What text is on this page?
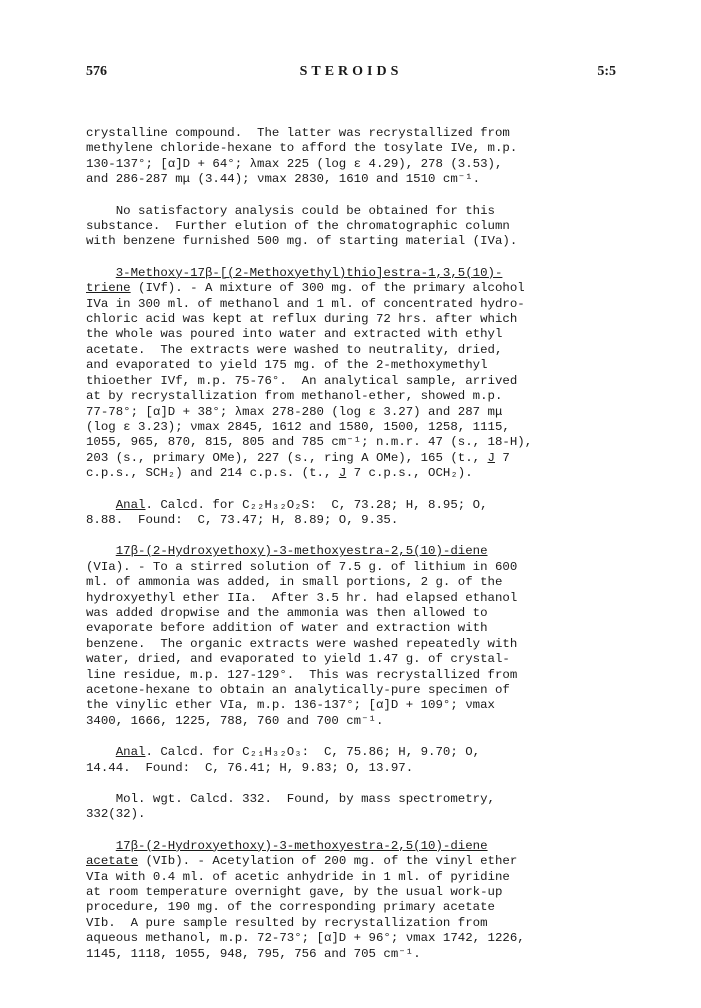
576	STEROIDS	5:5
crystalline compound.  The latter was recrystallized from
methylene chloride-hexane to afford the tosylate IVe, m.p.
130-137°; [α]D + 64°; λmax 225 (log ε 4.29), 278 (3.53),
and 286-287 mμ (3.44); νmax 2830, 1610 and 1510 cm⁻¹.
No satisfactory analysis could be obtained for this
substance.  Further elution of the chromatographic column
with benzene furnished 500 mg. of starting material (IVa).
3-Methoxy-17β-[(2-Methoxyethyl)thio]estra-1,3,5(10)-
triene (IVf). - A mixture of 300 mg. of the primary alcohol
IVa in 300 ml. of methanol and 1 ml. of concentrated hydro-
chloric acid was kept at reflux during 72 hrs. after which
the whole was poured into water and extracted with ethyl
acetate.  The extracts were washed to neutrality, dried,
and evaporated to yield 175 mg. of the 2-methoxymethyl
thioether IVf, m.p. 75-76°.  An analytical sample, arrived
at by recrystallization from methanol-ether, showed m.p.
77-78°; [α]D + 38°; λmax 278-280 (log ε 3.27) and 287 mμ
(log ε 3.23); νmax 2845, 1612 and 1580, 1500, 1258, 1115,
1055, 965, 870, 815, 805 and 785 cm⁻¹; n.m.r. 47 (s., 18-H),
203 (s., primary OMe), 227 (s., ring A OMe), 165 (t., J 7
c.p.s., SCH₂) and 214 c.p.s. (t., J 7 c.p.s., OCH₂).
Anal. Calcd. for C₂₂H₃₂O₂S:  C, 73.28; H, 8.95; O,
8.88.  Found:  C, 73.47; H, 8.89; O, 9.35.
17β-(2-Hydroxyethoxy)-3-methoxyestra-2,5(10)-diene
(VIa). - To a stirred solution of 7.5 g. of lithium in 600
ml. of ammonia was added, in small portions, 2 g. of the
hydroxyethyl ether IIa.  After 3.5 hr. had elapsed ethanol
was added dropwise and the ammonia was then allowed to
evaporate before addition of water and extraction with
benzene.  The organic extracts were washed repeatedly with
water, dried, and evaporated to yield 1.47 g. of crystal-
line residue, m.p. 127-129°.  This was recrystallized from
acetone-hexane to obtain an analytically-pure specimen of
the vinylic ether VIa, m.p. 136-137°; [α]D + 109°; νmax
3400, 1666, 1225, 788, 760 and 700 cm⁻¹.
Anal. Calcd. for C₂₁H₃₂O₃:  C, 75.86; H, 9.70; O,
14.44.  Found:  C, 76.41; H, 9.83; O, 13.97.
Mol. wgt. Calcd. 332.  Found, by mass spectrometry,
332(32).
17β-(2-Hydroxyethoxy)-3-methoxyestra-2,5(10)-diene
acetate (VIb). - Acetylation of 200 mg. of the vinyl ether
VIa with 0.4 ml. of acetic anhydride in 1 ml. of pyridine
at room temperature overnight gave, by the usual work-up
procedure, 190 mg. of the corresponding primary acetate
VIb.  A pure sample resulted by recrystallization from
aqueous methanol, m.p. 72-73°; [α]D + 96°; νmax 1742, 1226,
1145, 1118, 1055, 948, 795, 756 and 705 cm⁻¹.
